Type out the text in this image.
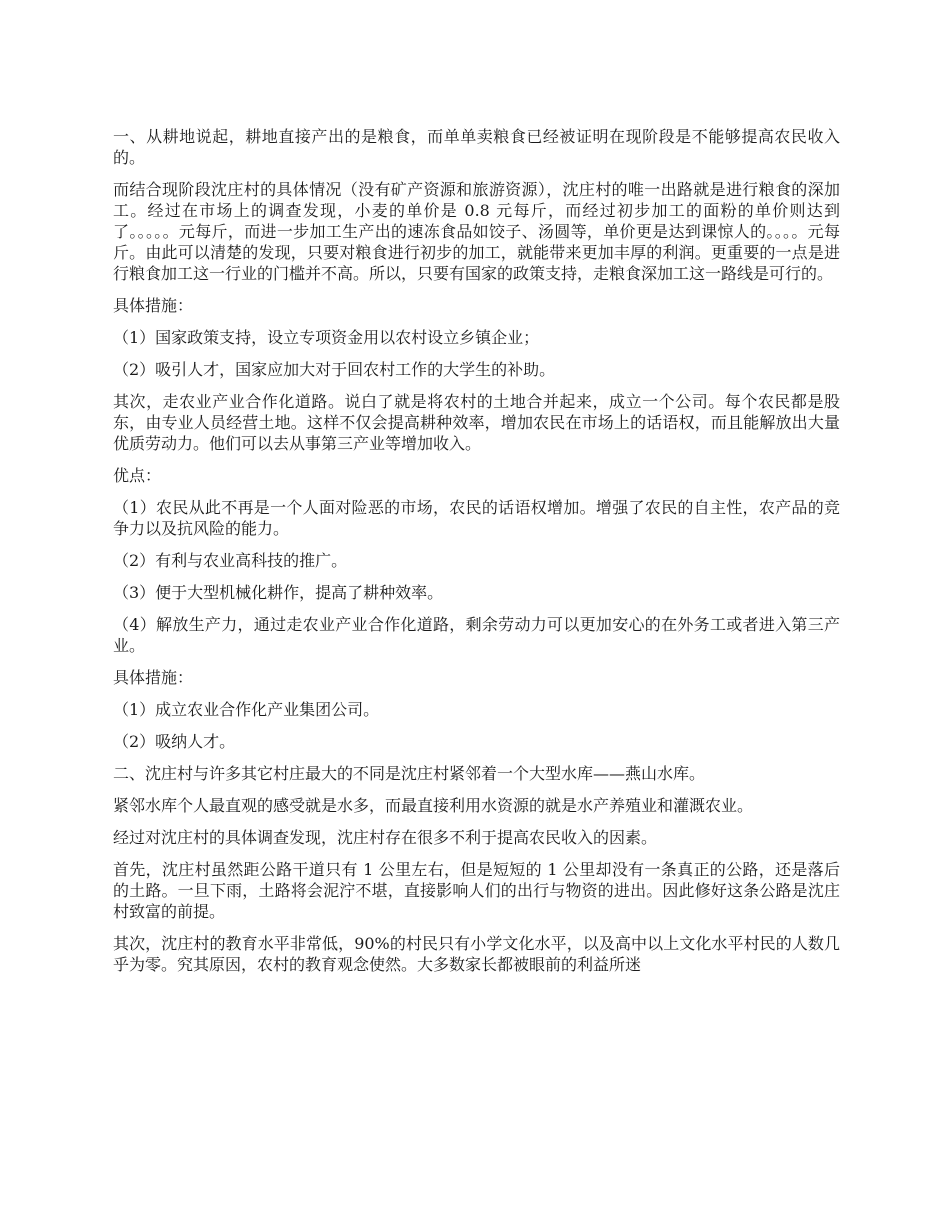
一、从耕地说起，耕地直接产出的是粮食，而单单卖粮食已经被证明在现阶段是不能够提高农民收入的。

而结合现阶段沈庄村的具体情况（没有矿产资源和旅游资源），沈庄村的唯一出路就是进行粮食的深加工。经过在市场上的调查发现，小麦的单价是 0.8 元每斤，而经过初步加工的面粉的单价则达到了。。。。。元每斤，而进一步加工生产出的速冻食品如饺子、汤圆等，单价更是达到课惊人的。。。。元每斤。由此可以清楚的发现，只要对粮食进行初步的加工，就能带来更加丰厚的利润。更重要的一点是进行粮食加工这一行业的门槛并不高。所以，只要有国家的政策支持，走粮食深加工这一路线是可行的。

具体措施：

（1）国家政策支持，设立专项资金用以农村设立乡镇企业；

（2）吸引人才，国家应加大对于回农村工作的大学生的补助。

其次，走农业产业合作化道路。说白了就是将农村的土地合并起来，成立一个公司。每个农民都是股东，由专业人员经营土地。这样不仅会提高耕种效率，增加农民在市场上的话语权，而且能解放出大量优质劳动力。他们可以去从事第三产业等增加收入。

优点：

（1）农民从此不再是一个人面对险恶的市场，农民的话语权增加。增强了农民的自主性，农产品的竞争力以及抗风险的能力。

（2）有利与农业高科技的推广。

（3）便于大型机械化耕作，提高了耕种效率。

（4）解放生产力，通过走农业产业合作化道路，剩余劳动力可以更加安心的在外务工或者进入第三产业。

具体措施：

（1）成立农业合作化产业集团公司。

（2）吸纳人才。

二、沈庄村与许多其它村庄最大的不同是沈庄村紧邻着一个大型水库——燕山水库。

紧邻水库个人最直观的感受就是水多，而最直接利用水资源的就是水产养殖业和灌溉农业。

经过对沈庄村的具体调查发现，沈庄村存在很多不利于提高农民收入的因素。

首先，沈庄村虽然距公路干道只有 1 公里左右，但是短短的 1 公里却没有一条真正的公路，还是落后的土路。一旦下雨，土路将会泥泞不堪，直接影响人们的出行与物资的进出。因此修好这条公路是沈庄村致富的前提。

其次，沈庄村的教育水平非常低，90%的村民只有小学文化水平，以及高中以上文化水平村民的人数几乎为零。究其原因，农村的教育观念使然。大多数家长都被眼前的利益所迷
